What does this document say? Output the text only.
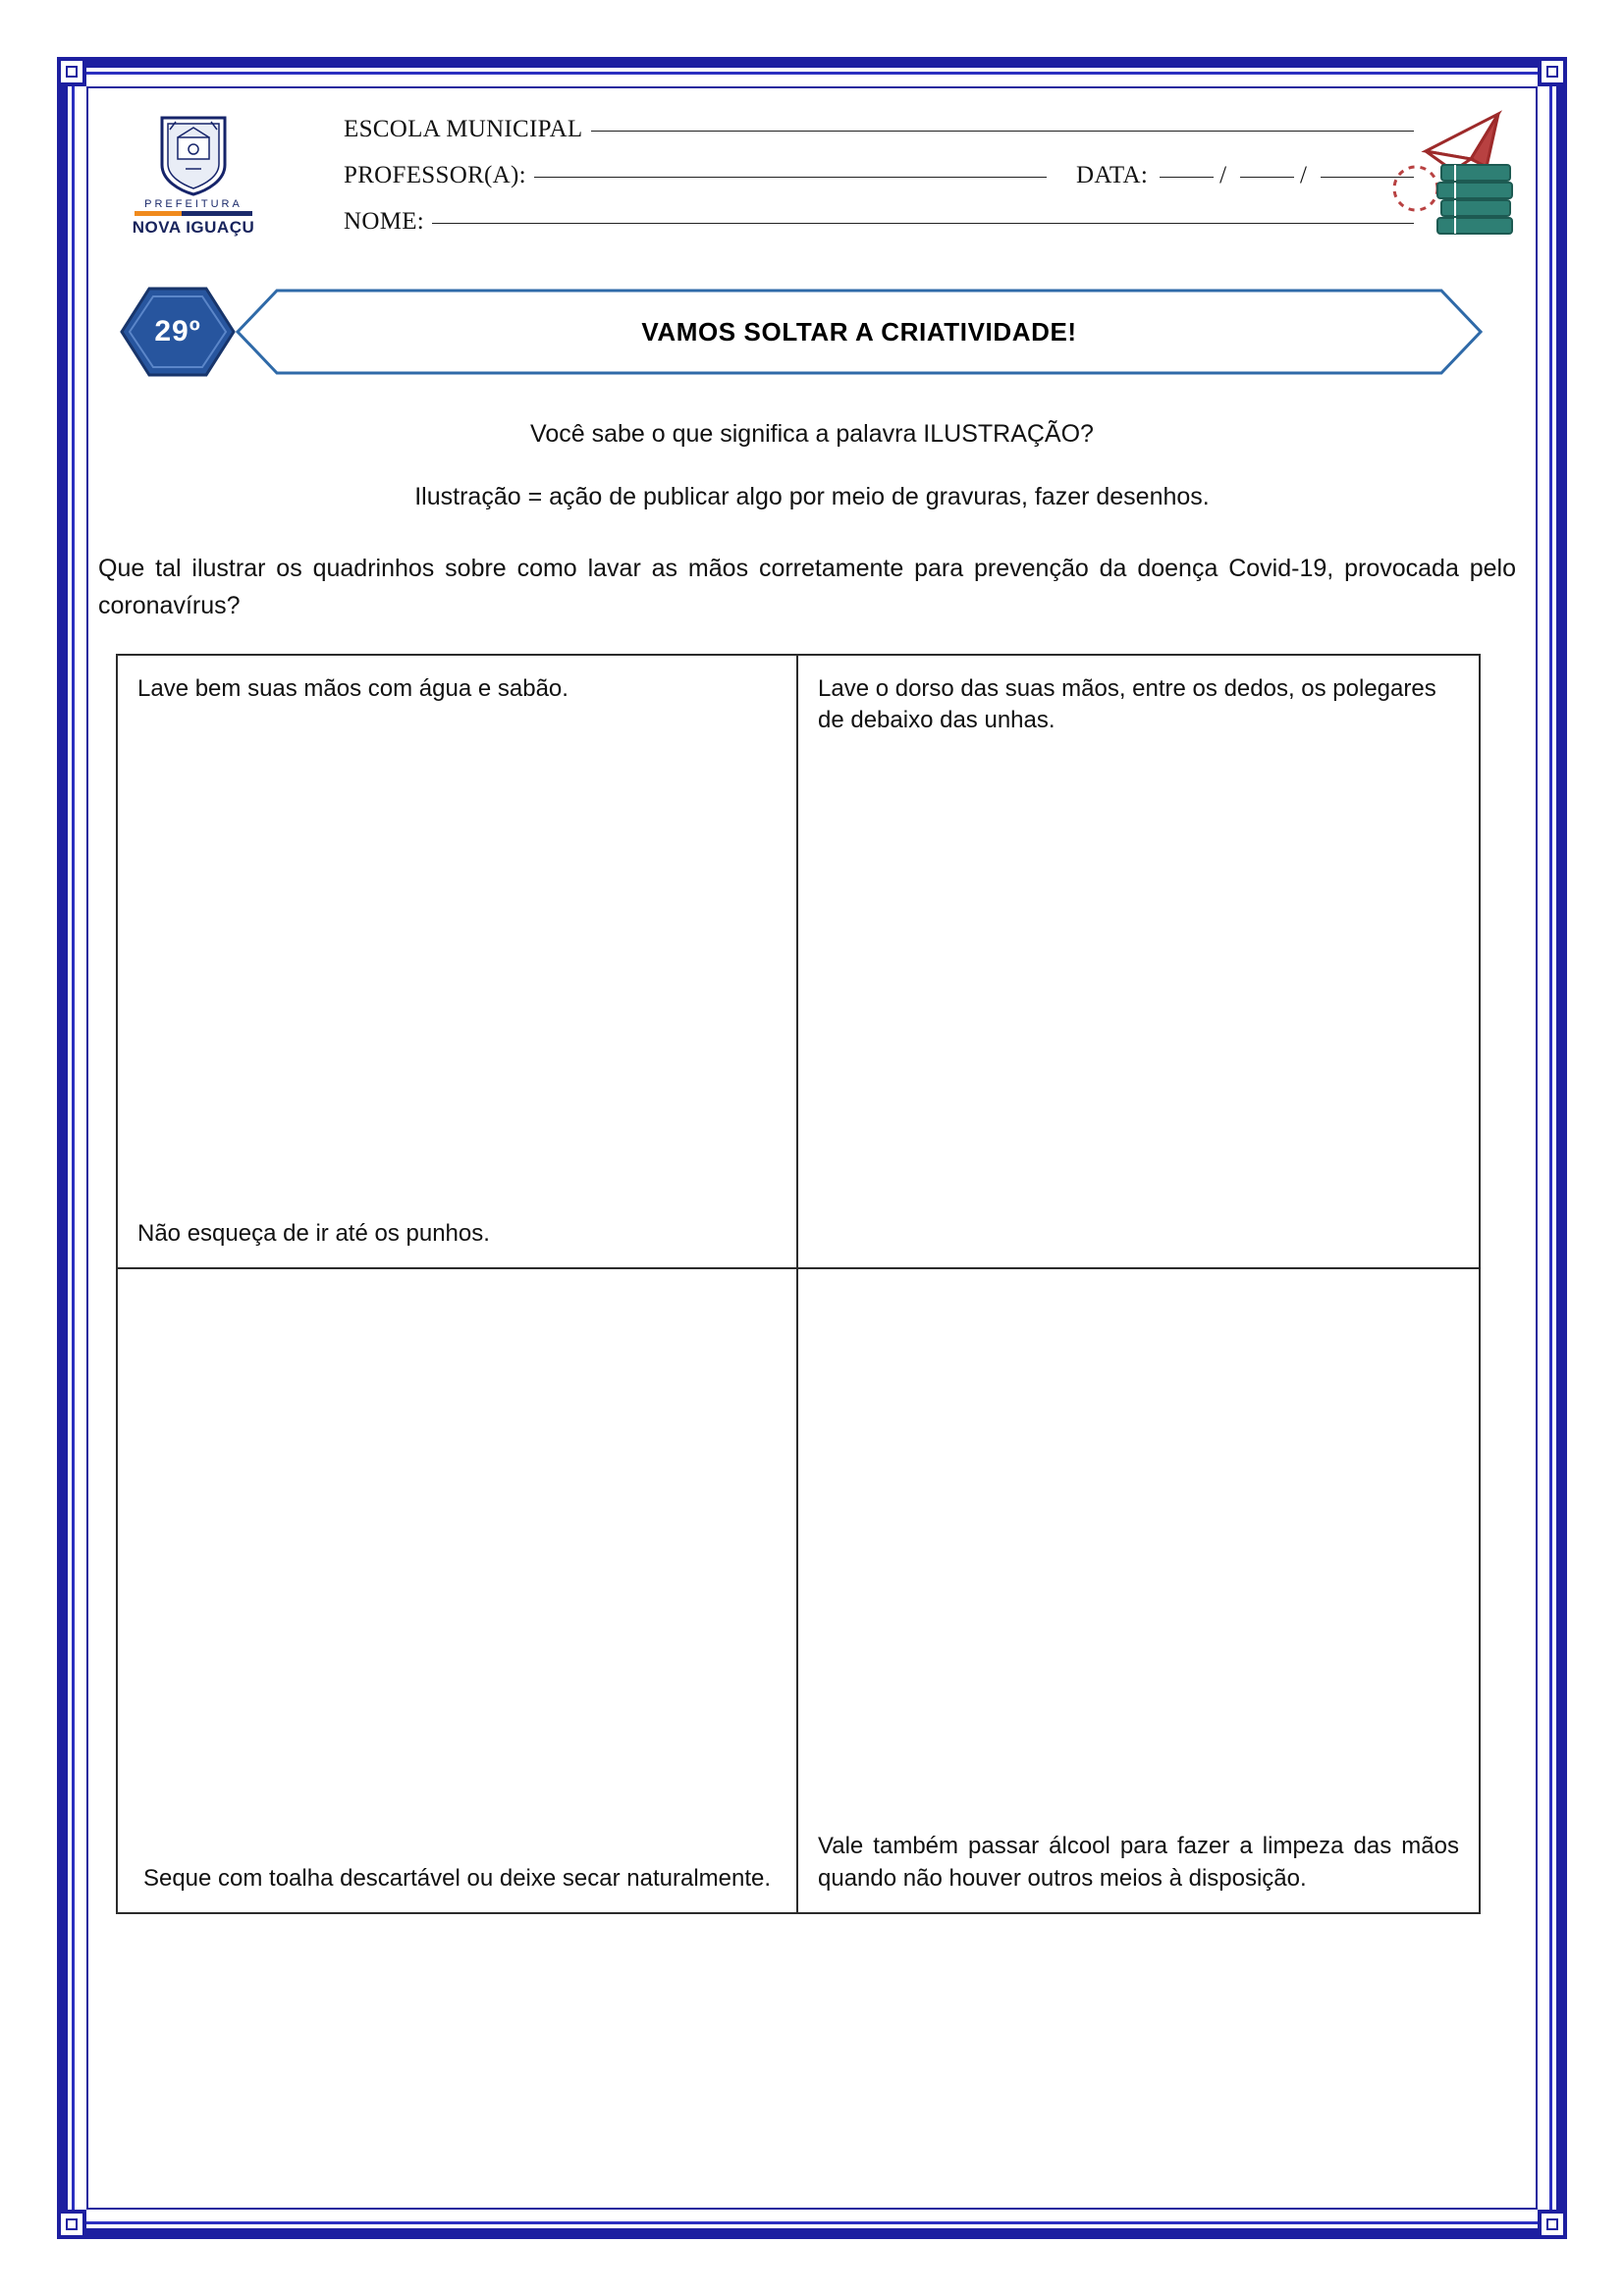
PREFEITURA
NOVA IGUAÇU
ESCOLA MUNICIPAL
PROFESSOR(A):	DATA:	/	/
NOME:
29º	VAMOS SOLTAR A CRIATIVIDADE!
Você sabe o que significa a palavra ILUSTRAÇÃO?
Ilustração = ação de publicar algo por meio de gravuras, fazer desenhos.
Que tal ilustrar os quadrinhos sobre como lavar as mãos corretamente para prevenção da doença Covid-19, provocada pelo coronavírus?
Lave bem suas mãos com água e sabão.
Não esqueça de ir até os punhos.
Lave o dorso das suas mãos, entre os dedos, os polegares de debaixo das unhas.
Seque com toalha descartável ou deixe secar naturalmente.
Vale também passar álcool para fazer a limpeza das mãos quando não houver outros meios à disposição.
